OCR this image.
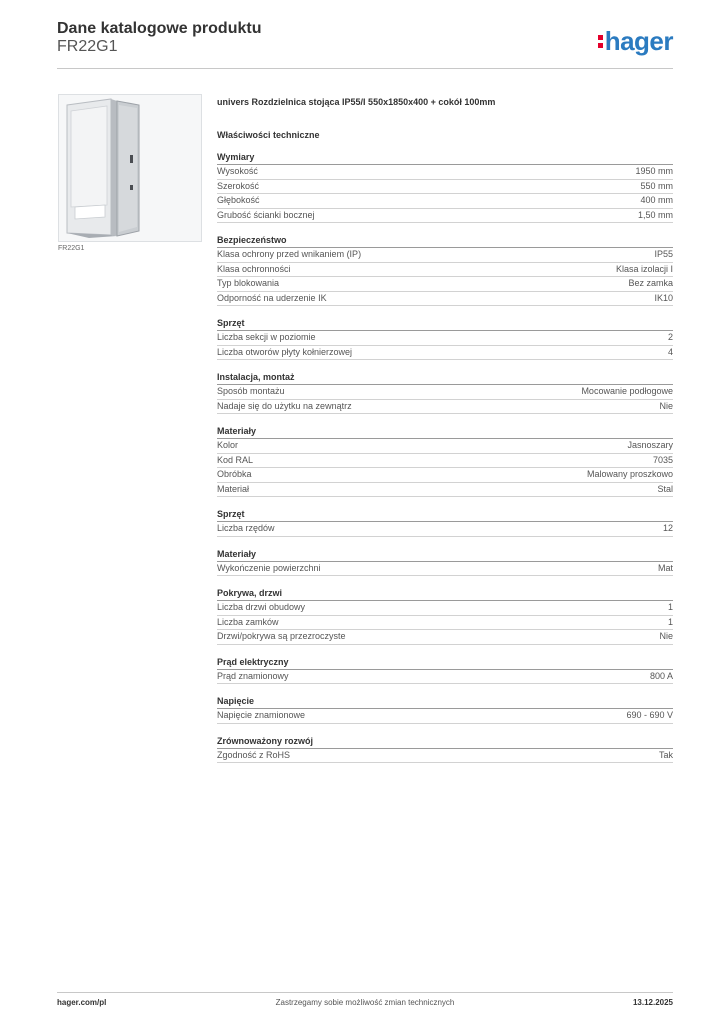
Dane katalogowe produktu
FR22G1	hager
FR22G1
univers Rozdzielnica stojąca IP55/I 550x1850x400 + cokół 100mm
Właściwości techniczne
Wymiary
Wysokość	1950 mm
Szerokość	550 mm
Głębokość	400 mm
Grubość ścianki bocznej	1,50 mm
Bezpieczeństwo
Klasa ochrony przed wnikaniem (IP)	IP55
Klasa ochronności	Klasa izolacji I
Typ blokowania	Bez zamka
Odporność na uderzenie IK	IK10
Sprzęt
Liczba sekcji w poziomie	2
Liczba otworów płyty kołnierzowej	4
Instalacja, montaż
Sposób montażu	Mocowanie podłogowe
Nadaje się do użytku na zewnątrz	Nie
Materiały
Kolor	Jasnoszary
Kod RAL	7035
Obróbka	Malowany proszkowo
Materiał	Stal
Sprzęt
Liczba rzędów	12
Materiały
Wykończenie powierzchni	Mat
Pokrywa, drzwi
Liczba drzwi obudowy	1
Liczba zamków	1
Drzwi/pokrywa są przezroczyste	Nie
Prąd elektryczny
Prąd znamionowy	800 A
Napięcie
Napięcie znamionowe	690 - 690 V
Zrównoważony rozwój
Zgodność z RoHS	Tak
hager.com/pl	Zastrzegamy sobie możliwość zmian technicznych	13.12.2025
